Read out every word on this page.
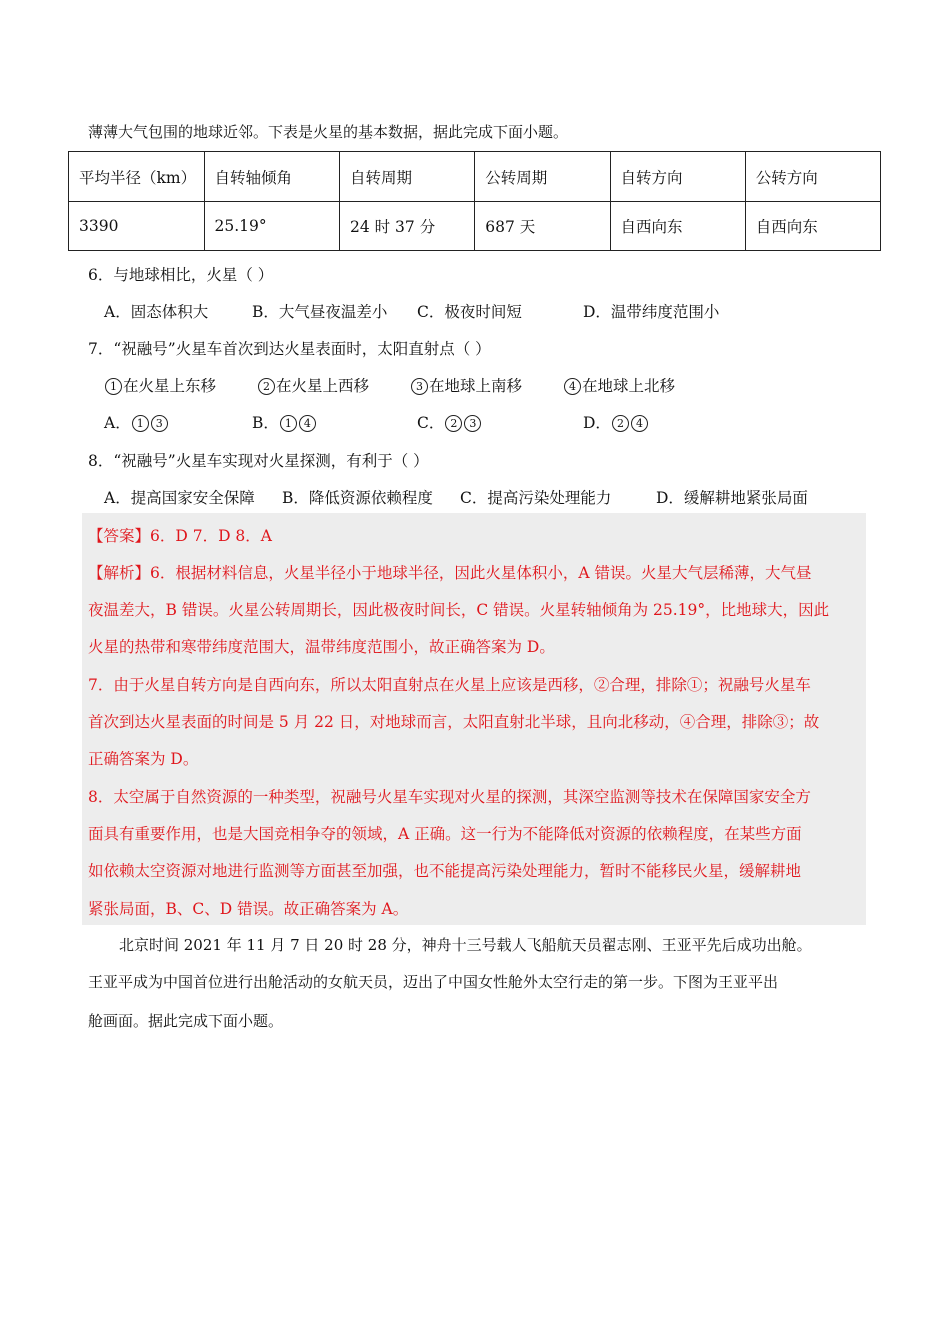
薄薄大气包围的地球近邻。下表是火星的基本数据，据此完成下面小题。
平均半径（km）	自转轴倾角	自转周期	公转周期	自转方向	公转方向
3390	25.19°	24 时 37 分	687 天	自西向东	自西向东
6．与地球相比，火星（ ）
A．固态体积大	B．大气昼夜温差小	C．极夜时间短	D．温带纬度范围小
7．“祝融号”火星车首次到达火星表面时，太阳直射点（ ）
1 在火星上东移	2 在火星上西移	3 在地球上南移	4 在地球上北移
A． 1 3	B． 1 4	C． 2 3	D． 2 4
8．“祝融号”火星车实现对火星探测，有利于（ ）
A．提高国家安全保障	B．降低资源依赖程度	C．提高污染处理能力	D．缓解耕地紧张局面
【答案】6．D 7．D 8．A
【解析】6．根据材料信息，火星半径小于地球半径，因此火星体积小，A 错误。火星大气层稀薄，大气昼
夜温差大，B 错误。火星公转周期长，因此极夜时间长，C 错误。火星转轴倾角为 25.19°，比地球大，因此
火星的热带和寒带纬度范围大，温带纬度范围小，故正确答案为 D。
7．由于火星自转方向是自西向东，所以太阳直射点在火星上应该是西移，②合理，排除①；祝融号火星车
首次到达火星表面的时间是 5 月 22 日，对地球而言，太阳直射北半球，且向北移动，④合理，排除③；故
正确答案为 D。
8．太空属于自然资源的一种类型，祝融号火星车实现对火星的探测，其深空监测等技术在保障国家安全方
面具有重要作用，也是大国竞相争夺的领域，A 正确。这一行为不能降低对资源的依赖程度，在某些方面
如依赖太空资源对地进行监测等方面甚至加强，也不能提高污染处理能力，暂时不能移民火星，缓解耕地
紧张局面，B、C、D 错误。故正确答案为 A。
北京时间 2021 年 11 月 7 日 20 时 28 分，神舟十三号载人飞船航天员翟志刚、王亚平先后成功出舱。
王亚平成为中国首位进行出舱活动的女航天员，迈出了中国女性舱外太空行走的第一步。下图为王亚平出
舱画面。据此完成下面小题。
